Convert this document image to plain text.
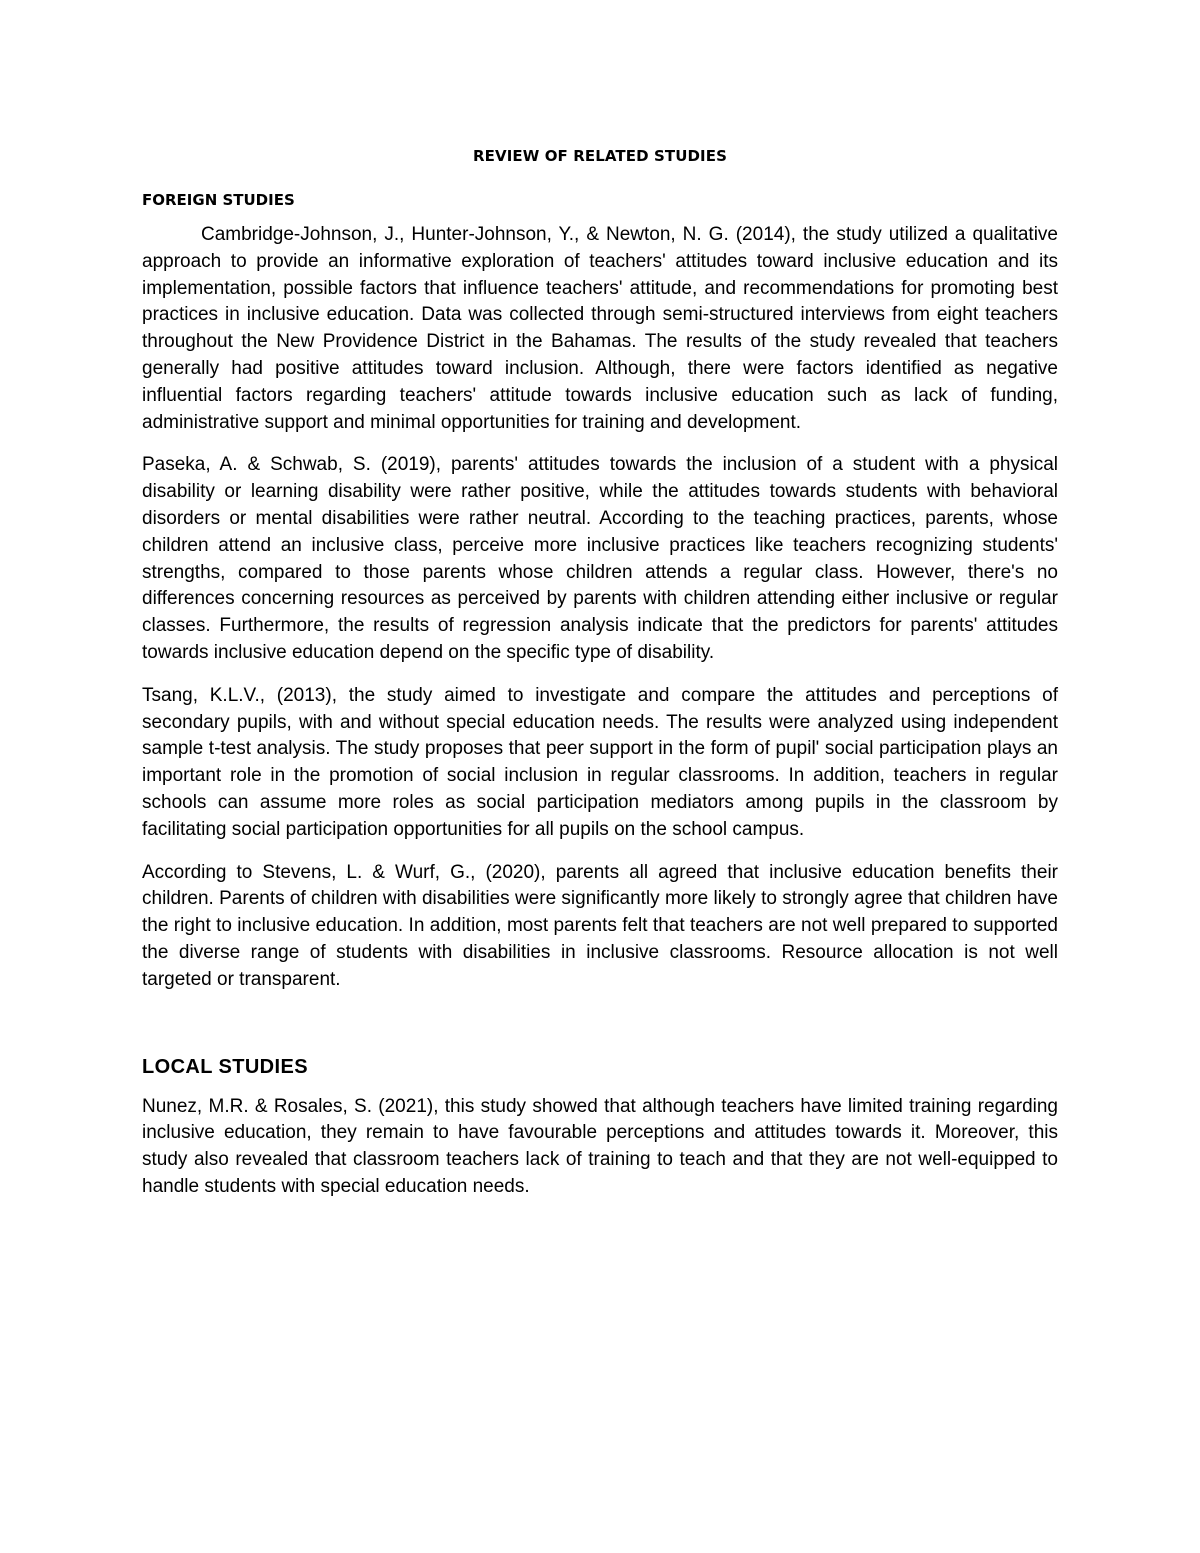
REVIEW OF RELATED STUDIES
FOREIGN STUDIES

Cambridge-Johnson, J., Hunter-Johnson, Y., & Newton, N. G. (2014), the study utilized a qualitative approach to provide an informative exploration of teachers' attitudes toward inclusive education and its implementation, possible factors that influence teachers' attitude, and recommendations for promoting best practices in inclusive education. Data was collected through semi-structured interviews from eight teachers throughout the New Providence District in the Bahamas. The results of the study revealed that teachers generally had positive attitudes toward inclusion. Although, there were factors identified as negative influential factors regarding teachers' attitude towards inclusive education such as lack of funding, administrative support and minimal opportunities for training and development.

Paseka, A. & Schwab, S. (2019), parents' attitudes towards the inclusion of a student with a physical disability or learning disability were rather positive, while the attitudes towards students with behavioral disorders or mental disabilities were rather neutral. According to the teaching practices, parents, whose children attend an inclusive class, perceive more inclusive practices like teachers recognizing students' strengths, compared to those parents whose children attends a regular class. However, there's no differences concerning resources as perceived by parents with children attending either inclusive or regular classes. Furthermore, the results of regression analysis indicate that the predictors for parents' attitudes towards inclusive education depend on the specific type of disability.

Tsang, K.L.V., (2013), the study aimed to investigate and compare the attitudes and perceptions of secondary pupils, with and without special education needs. The results were analyzed using independent sample t-test analysis. The study proposes that peer support in the form of pupil' social participation plays an important role in the promotion of social inclusion in regular classrooms. In addition, teachers in regular schools can assume more roles as social participation mediators among pupils in the classroom by facilitating social participation opportunities for all pupils on the school campus.

According to Stevens, L. & Wurf, G., (2020), parents all agreed that inclusive education benefits their children. Parents of children with disabilities were significantly more likely to strongly agree that children have the right to inclusive education. In addition, most parents felt that teachers are not well prepared to supported the diverse range of students with disabilities in inclusive classrooms. Resource allocation is not well targeted or transparent.

LOCAL STUDIES

Nunez, M.R. & Rosales, S. (2021), this study showed that although teachers have limited training regarding inclusive education, they remain to have favourable perceptions and attitudes towards it. Moreover, this study also revealed that classroom teachers lack of training to teach and that they are not well-equipped to handle students with special education needs.
